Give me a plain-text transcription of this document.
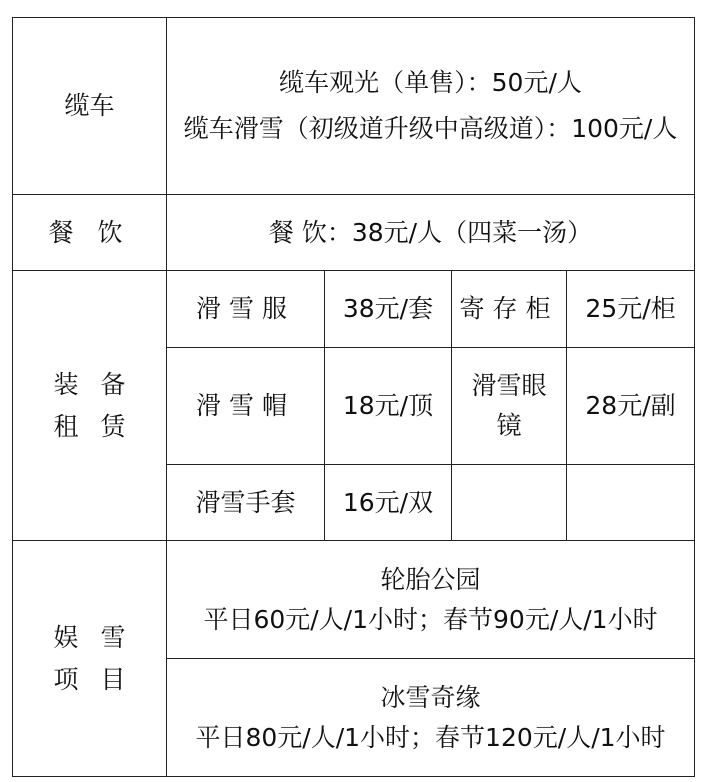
缆车	缆车观光（单售）：50元/人
缆车滑雪（初级道升级中高级道）：100元/人			

餐 饮	餐 饮：38元/人（四菜一汤）			

装备
租赁	滑雪服	38元/套	寄存柜	25元/柜
	滑雪帽	18元/顶	滑雪眼镜	28元/副
	滑雪手套	16元/双		

娱雪
项目	轮胎公园
平日60元/人/1小时；春节90元/人/1小时			

	冰雪奇缘
平日80元/人/1小时；春节120元/人/1小时			
